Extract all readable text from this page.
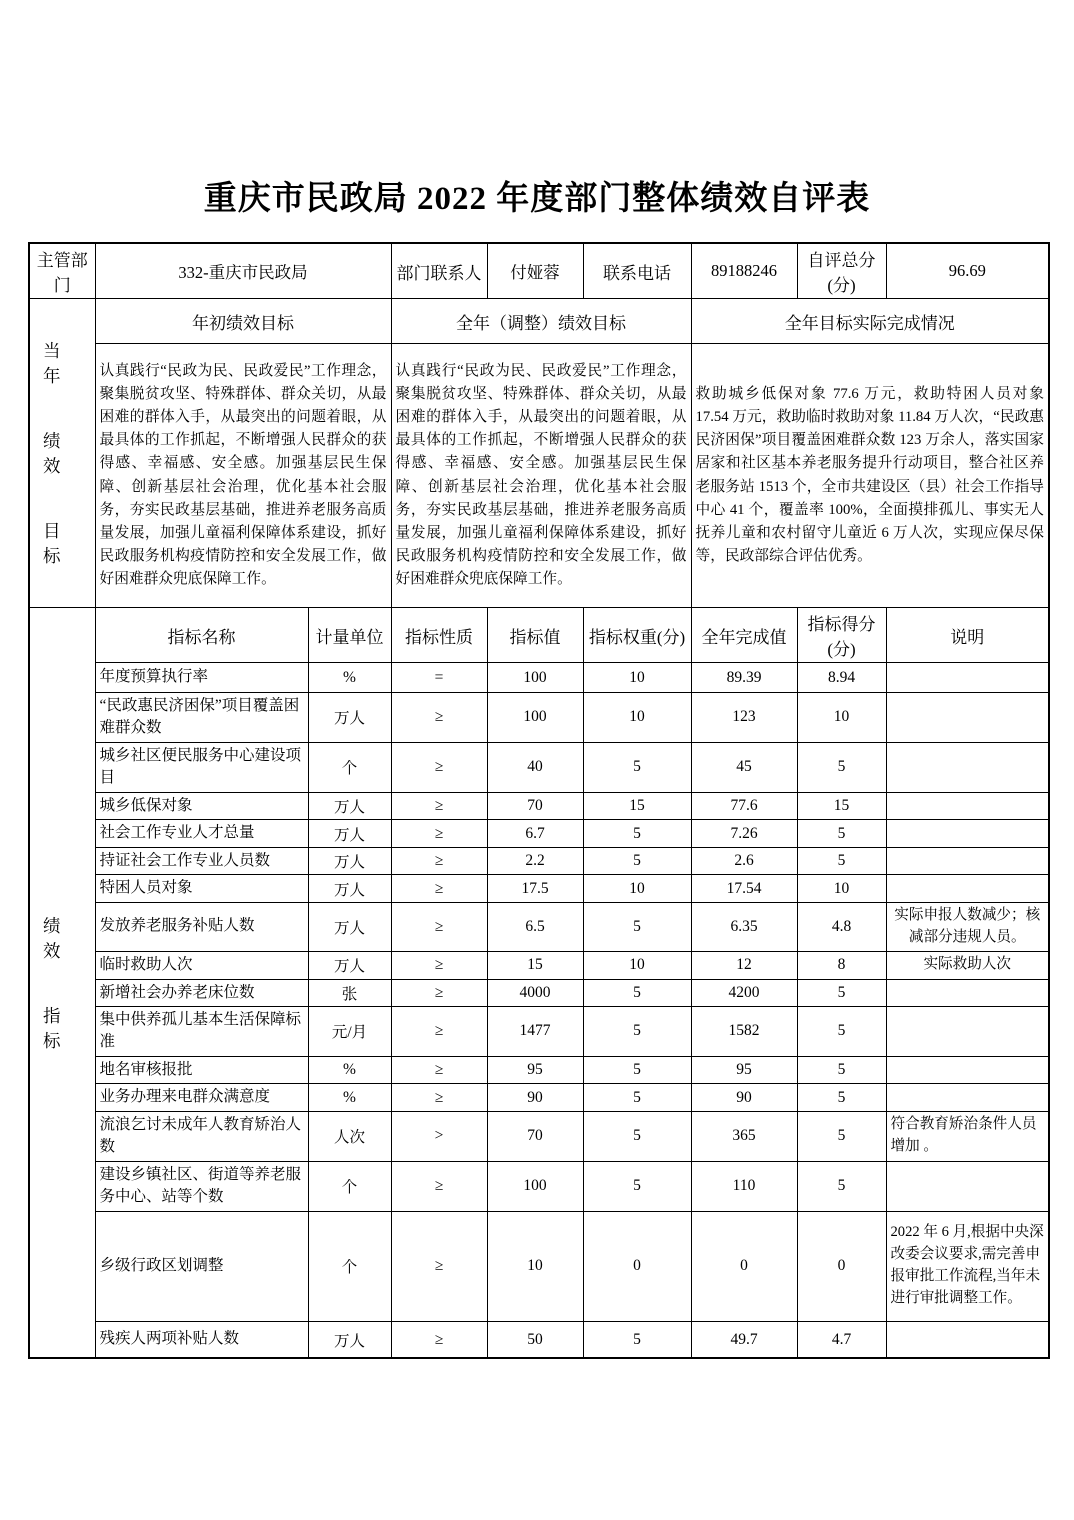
重庆市民政局 2022 年度部门整体绩效自评表
主管部门	332-重庆市民政局		部门联系人	付娅蓉	联系电话	89188246	自评总分(分)	96.69

当年
绩效
目标	年初绩效目标		全年（调整）绩效目标			全年目标实际完成情况		
	认真践行“民政为民、民政爱民”工作理念，聚集脱贫攻坚、特殊群体、群众关切，从最困难的群体入手，从最突出的问题着眼，从最具体的工作抓起，不断增强人民群众的获得感、幸福感、安全感。加强基层民生保障、创新基层社会治理，优化基本社会服务，夯实民政基层基础，推进养老服务高质量发展，加强儿童福利保障体系建设，抓好民政服务机构疫情防控和安全发展工作，做好困难群众兜底保障工作。		认真践行“民政为民、民政爱民”工作理念，聚集脱贫攻坚、特殊群体、群众关切，从最困难的群体入手，从最突出的问题着眼，从最具体的工作抓起，不断增强人民群众的获得感、幸福感、安全感。加强基层民生保障、创新基层社会治理，优化基本社会服务，夯实民政基层基础，推进养老服务高质量发展，加强儿童福利保障体系建设，抓好民政服务机构疫情防控和安全发展工作，做好困难群众兜底保障工作。			救助城乡低保对象 77.6 万元，救助特困人员对象 17.54 万元，救助临时救助对象 11.84 万人次，“民政惠民济困保”项目覆盖困难群众数 123 万余人，落实国家居家和社区基本养老服务提升行动项目，整合社区养老服务站 1513 个，全市共建设区（县）社会工作指导中心 41 个，覆盖率 100%，全面摸排孤儿、事实无人抚养儿童和农村留守儿童近 6 万人次，实现应保尽保等，民政部综合评估优秀。		

绩效
指标	指标名称	计量单位	指标性质	指标值	指标权重(分)	全年完成值	指标得分(分)	说明
	年度预算执行率	%	=	100	10	89.39	8.94	
	“民政惠民济困保”项目覆盖困难群众数	万人	≥	100	10	123	10	
	城乡社区便民服务中心建设项目	个	≥	40	5	45	5	
	城乡低保对象	万人	≥	70	15	77.6	15	
	社会工作专业人才总量	万人	≥	6.7	5	7.26	5	
	持证社会工作专业人员数	万人	≥	2.2	5	2.6	5	
	特困人员对象	万人	≥	17.5	10	17.54	10	
	发放养老服务补贴人数	万人	≥	6.5	5	6.35	4.8	实际申报人数减少；核减部分违规人员。
	临时救助人次	万人	≥	15	10	12	8	实际救助人次
	新增社会办养老床位数	张	≥	4000	5	4200	5	
	集中供养孤儿基本生活保障标准	元/月	≥	1477	5	1582	5	
	地名审核报批	%	≥	95	5	95	5	
	业务办理来电群众满意度	%	≥	90	5	90	5	
	流浪乞讨未成年人教育矫治人数	人次	>	70	5	365	5	符合教育矫治条件人员增加 。
	建设乡镇社区、街道等养老服务中心、站等个数	个	≥	100	5	110	5	
	乡级行政区划调整	个	≥	10	0	0	0	2022 年 6 月,根据中央深改委会议要求,需完善申报审批工作流程,当年未进行审批调整工作。
	残疾人两项补贴人数	万人	≥	50	5	49.7	4.7	
